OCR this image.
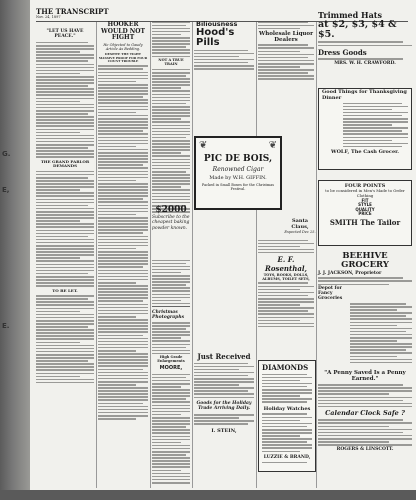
G.
E,
E.
THE TRANSCRIPT
Nov. 24, 1897
"LET US HAVE PEACE."
THE GRAND PARLOR DEMANDS
TO BE LET.
HOOKER WOULD NOT FIGHT
He Objected to Gaudy Article As Bedding.
DESPITE THE TIGHT MASSIVE PROOF FOR FOUR COUNT TROUBLE	NOT A TRUE TRAIN
$2000
Subscribe to the cheapest baking powder known.
Christmas Photographs
High Grade Enlargements
MOORE,
Biliousness
Hood's Pills
❦	❦
PIC DE BOIS,
Renowned Cigar
Made by W.H. GIFFIN.
Packed in Small Boxes for the Christmas Festival.
Just Received
Goods for the Holiday Trade Arriving Daily.
I. STEIN,
Wholesale Liquor Dealers
Santa Claus,
Expected Dec 25.
E. F. Rosenthal,
TOYS, BOOKS, DOLLS, ALBUMS, TOILET SETS,
DIAMONDS
Holiday Watches
LUZZIE & BRAND,
Trimmed Hats
at $2, $3, $4 & $5.
Dress Goods
MRS. W. H. CRAWFORD.
Good Things for Thanksgiving Dinner
WOLF, The Cash Grocer.
FOUR POINTS
to be considered in Men's Made to Order Clothing
FIT
STYLE
QUALITY
PRICE
SMITH The Tailor
BEEHIVE GROCERY
J. J. JACKSON, Proprietor
Depot for Fancy Groceries
"A Penny Saved Is a Penny Earned."
Calendar Clock Safe ?
ROGERS & LINSCOTT.
